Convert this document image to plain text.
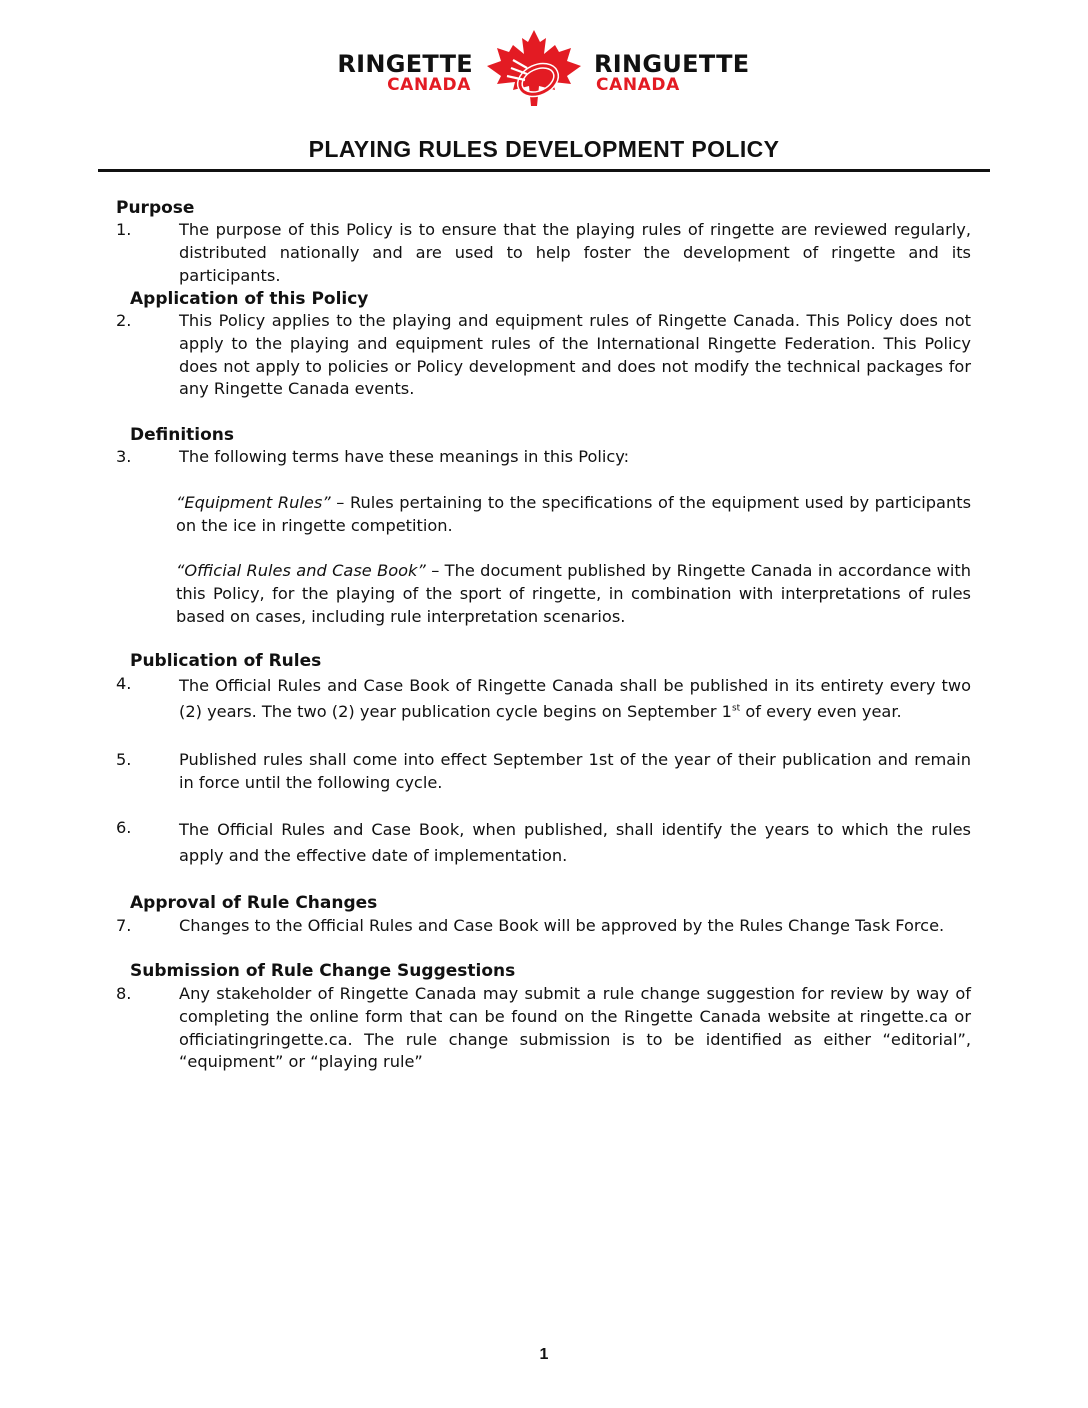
RINGETTE
CANADA
RINGUETTE
CANADA
PLAYING RULES DEVELOPMENT POLICY
Purpose
1.	The purpose of this Policy is to ensure that the playing rules of ringette are reviewed regularly, distributed nationally and are used to help foster the development of ringette and its participants.
Application of this Policy
2.	This Policy applies to the playing and equipment rules of Ringette Canada. This Policy does not apply to the playing and equipment rules of the International Ringette Federation. This Policy does not apply to policies or Policy development and does not modify the technical packages for any Ringette Canada events.
Definitions
3.	The following terms have these meanings in this Policy:
“Equipment Rules” – Rules pertaining to the specifications of the equipment used by participants on the ice in ringette competition.
“Official Rules and Case Book” – The document published by Ringette Canada in accordance with this Policy, for the playing of the sport of ringette, in combination with interpretations of rules based on cases, including rule interpretation scenarios.
Publication of Rules
4.	The Official Rules and Case Book of Ringette Canada shall be published in its entirety every two (2) years. The two (2) year publication cycle begins on September 1st of every even year.
5.	Published rules shall come into effect September 1st of the year of their publication and remain in force until the following cycle.
6.	The Official Rules and Case Book, when published, shall identify the years to which the rules apply and the effective date of implementation.
Approval of Rule Changes
7.	Changes to the Official Rules and Case Book will be approved by the Rules Change Task Force.
Submission of Rule Change Suggestions
8.	Any stakeholder of Ringette Canada may submit a rule change suggestion for review by way of completing the online form that can be found on the Ringette Canada website at ringette.ca or officiatingringette.ca. The rule change submission is to be identified as either “editorial”, “equipment” or “playing rule”
1
